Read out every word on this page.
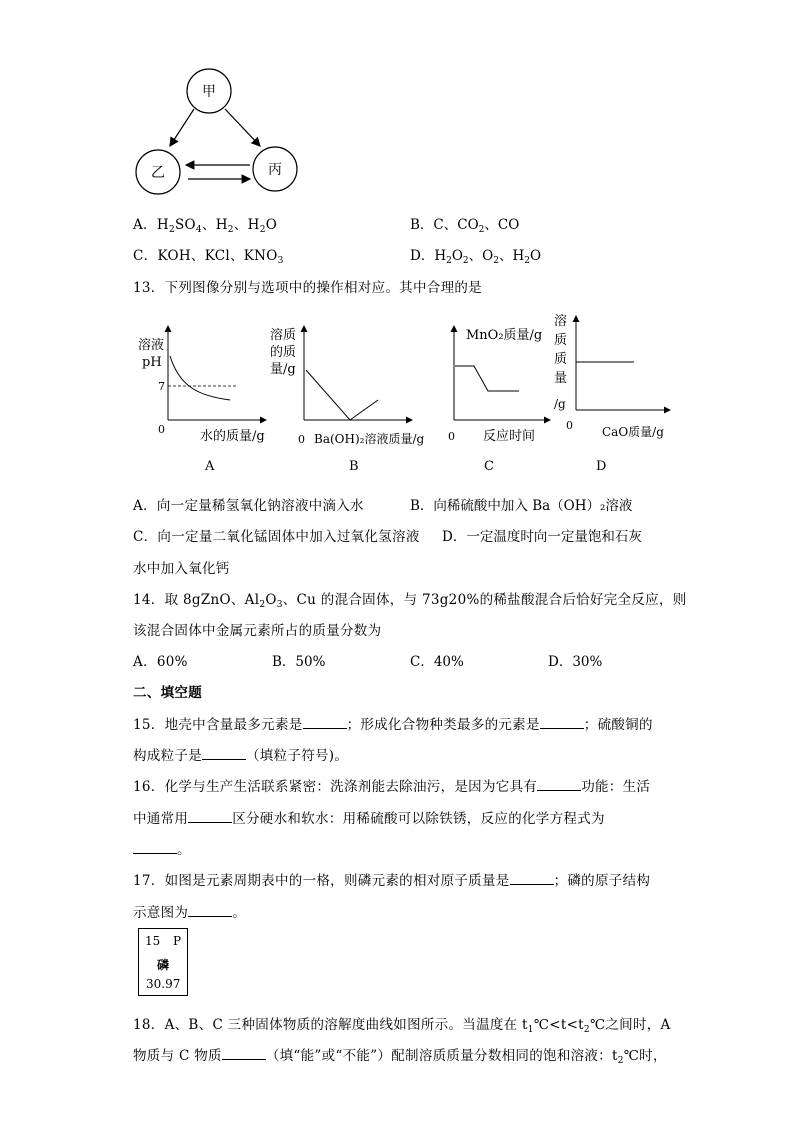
甲
乙	丙
A．$H_2SO_4$、$H_2$、$H_2O$	B．C、$CO_2$、CO
C．KOH、KCl、$KNO_3$	D．$H_2O_2$、$O_2$、$H_2O$
13．下列图像分别与选项中的操作相对应。其中合理的是
溶液
pH
7
0	水的质量/g
A
溶质
的质
量/g
0 Ba(OH)₂溶液质量/g
B
MnO₂质量/g
0 反应时间
C
溶
质
质
量
/g
0 CaO质量/g
D
A．向一定量稀氢氧化钠溶液中滴入水	B．向稀硫酸中加入 Ba（OH）₂溶液
C．向一定量二氧化锰固体中加入过氧化氢溶液 D．一定温度时向一定量饱和石灰
水中加入氧化钙
14．取 8gZnO、$Al_2O_3$、Cu 的混合固体，与 73g20%的稀盐酸混合后恰好完全反应，则
该混合固体中金属元素所占的质量分数为
A．60%	B．50%	C．40%	D．30%
二、填空题
15．地壳中含量最多元素是	；形成化合物种类最多的元素是	；硫酸铜的
构成粒子是	（填粒子符号)。
16．化学与生产生活联系紧密：洗涤剂能去除油污，是因为它具有	功能：生活
中通常用	区分硬水和软水：用稀硫酸可以除铁锈，反应的化学方程式为
。
17．如图是元素周期表中的一格，则磷元素的相对原子质量是	；磷的原子结构
示意图为	。
15 P
磷
30.97
18．A、B、C 三种固体物质的溶解度曲线如图所示。当温度在 $t_1℃<t<t_2℃$之间时，A
物质与 C 物质	（填“能”或“不能”）配制溶质质量分数相同的饱和溶液：$t_2℃$时，
